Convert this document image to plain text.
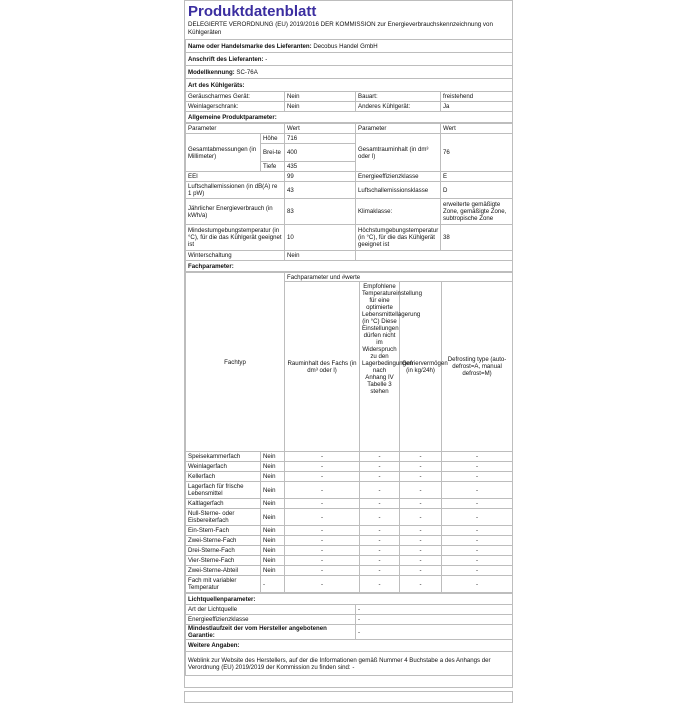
Produktdatenblatt
DELEGIERTE VERORDNUNG (EU) 2019/2016 DER KOMMISSION zur Energieverbrauchskennzeichnung von Kühlgeräten
Name oder Handelsmarke des Lieferanten: Decobus Handel GmbH			
Anschrift des Lieferanten: -			
Modellkennung: SC-76A			
Art des Kühlgeräts:			
Geräuscharmes Gerät:	Nein	Bauart:	freistehend
Weinlagerschrank:	Nein	Anderes Kühlgerät:	Ja
Allgemeine Produktparameter:			
Parameter		Wert	Parameter	Wert
Gesamtabmessungen (in Millimeter)	Höhe	716	Gesamtrauminhalt (in dm³ oder l)	76
	Brei-te	400		
	Tiefe	435		
EEI		99	Energieeffizienzklasse	E
Luftschallemissionen (in dB(A) re 1 pW)		43	Luftschallemissionsklasse	D
Jährlicher Energieverbrauch (in kWh/a)		83	Klimaklasse:	erweiterte gemäßigte Zone, gemäßigte Zone, subtropische Zone
Mindestumgebungstemperatur (in °C), für die das Kühlgerät geeignet ist		10	Höchstumgebungstemperatur (in °C), für die das Kühlgerät geeignet ist	38
Winterschaltung		Nein		
Fachparameter:				
Fachtyp		Fachparameter und #werte			
		Rauminhalt des Fachs (in dm³ oder l)	Empfohlene Temperatureinstellung für eine optimierte Lebensmittellagerung (in °C) Diese Einstellungen dürfen nicht im Widerspruch zu den Lagerbedingungen nach Anhang IV Tabelle 3 stehen	Gefriervermögen (in kg/24h)	Defrosting type (auto-defrost=A, manual defrost=M)
Speisekammerfach	Nein	-	-	-	-
Weinlagerfach	Nein	-	-	-	-
Kellerfach	Nein	-	-	-	-
Lagerfach für frische Lebensmittel	Nein	-	-	-	-
Kaltlagerfach	Nein	-	-	-	-
Null-Sterne- oder Eisbereiterfach	Nein	-	-	-	-
Ein-Stern-Fach	Nein	-	-	-	-
Zwei-Sterne-Fach	Nein	-	-	-	-
Drei-Sterne-Fach	Nein	-	-	-	-
Vier-Sterne-Fach	Nein	-	-	-	-
Zwei-Sterne-Abteil	Nein	-	-	-	-
Fach mit variabler Temperatur	-	-	-	-	-
Lichtquellenparameter:	
Art der Lichtquelle	-
Energieeffizienzklasse	-
Mindestlaufzeit der vom Hersteller angebotenen Garantie:	-
Weitere Angaben:	
Weblink zur Website des Herstellers, auf der die Informationen gemäß Nummer 4 Buchstabe a des Anhangs der Verordnung (EU) 2019/2019 der Kommission zu finden sind: -	
